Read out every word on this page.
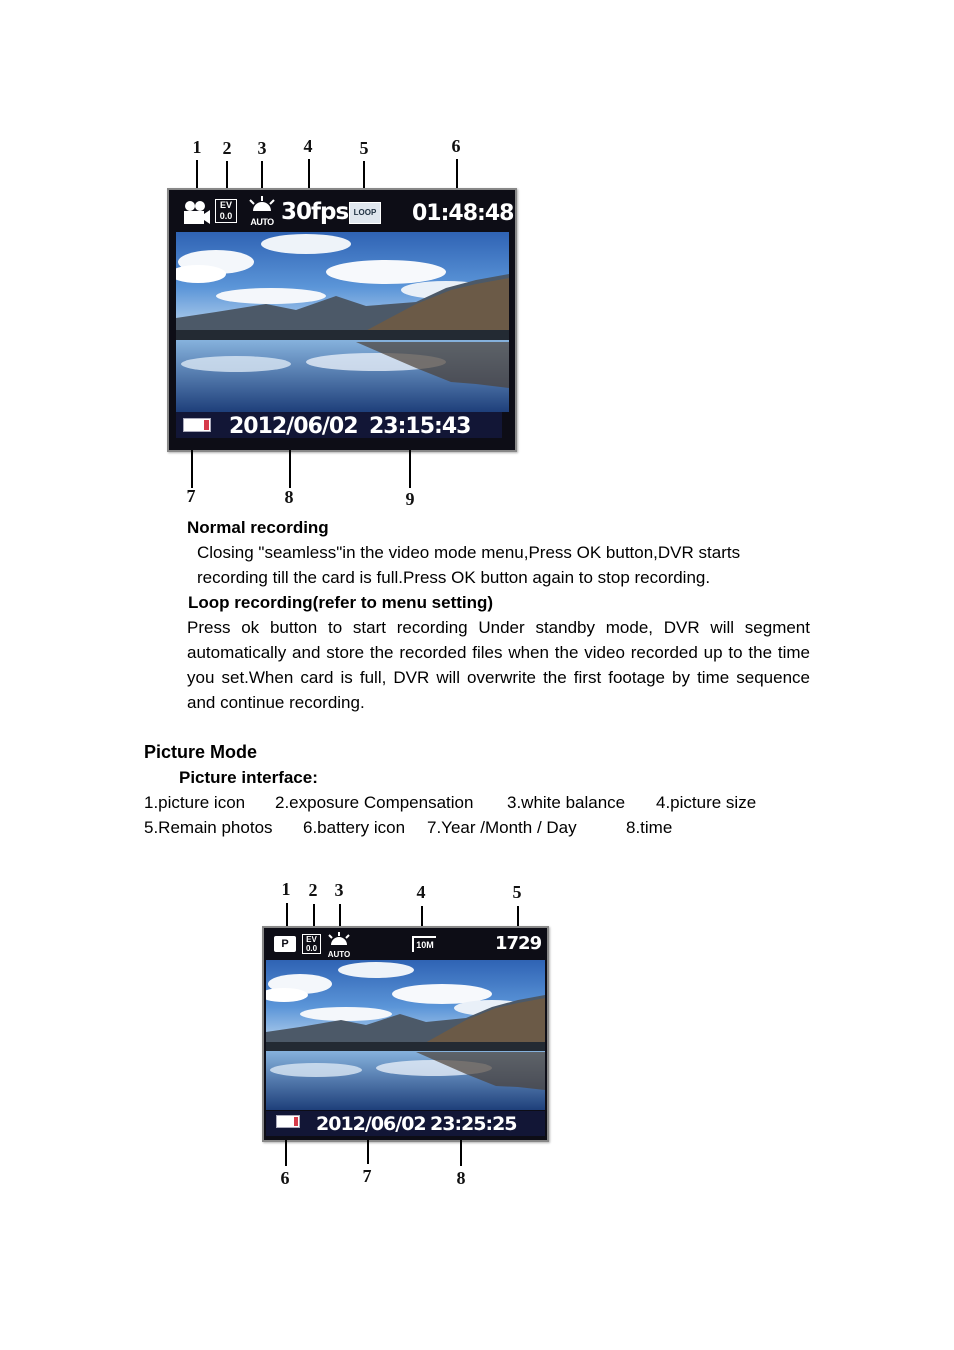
1	2	3	4	5	6
EV
0.0
AUTO 30fps LOOP 01:48:48
2012/06/02 23:15:43
7	8	9
Normal recording
Closing "seamless"in the video mode menu,Press OK button,DVR starts recording till the card is full.Press OK button again to stop recording.
Loop recording(refer to menu setting)
Press ok button to start recording Under standby mode, DVR will segment automatically and store the recorded files when the video recorded up to the time you set.When card is full, DVR will overwrite the first footage by time sequence and continue recording.
Picture Mode
Picture interface:
1.picture icon 2.exposure Compensation 3.white balance 4.picture size
5.Remain photos 6.battery icon 7.Year /Month / Day	8.time
1	2 3	4	5
P	EV
0.0
AUTO
10M	1729
2012/06/02 23:25:25
6	7	8
